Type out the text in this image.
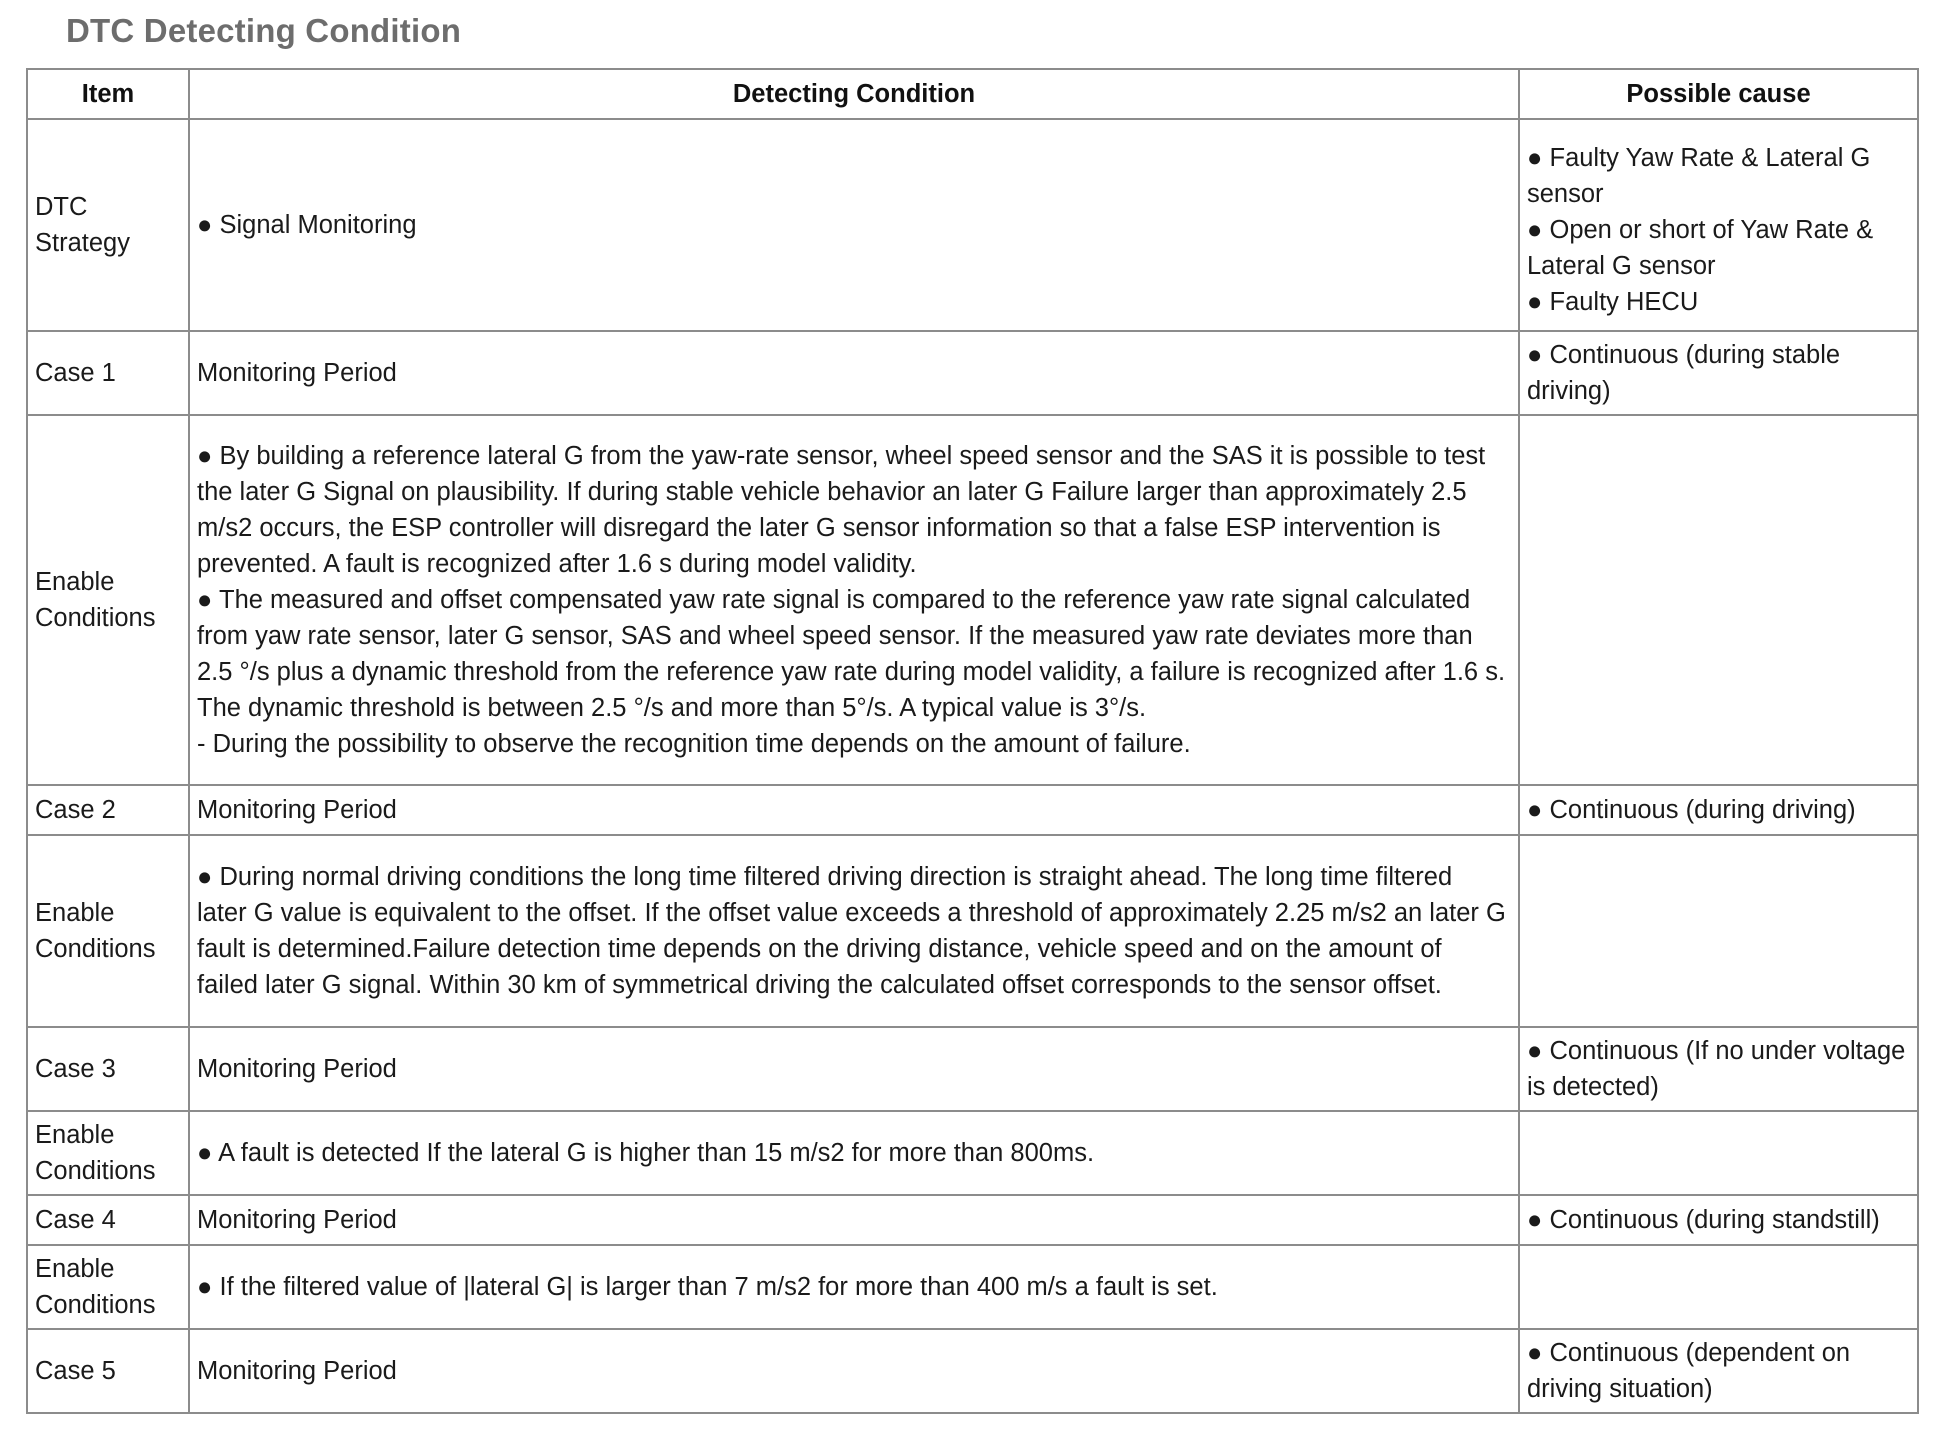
DTC Detecting Condition
Item	Detecting Condition	Possible cause
DTC Strategy	● Signal Monitoring	● Faulty Yaw Rate & Lateral G sensor
● Open or short of Yaw Rate & Lateral G sensor
● Faulty HECU

Case 1	Monitoring Period	● Continuous (during stable driving)

Enable Conditions	● By building a reference lateral G from the yaw-rate sensor, wheel speed sensor and the SAS it is possible to test the later G Signal on plausibility. If during stable vehicle behavior an later G Failure larger than approximately 2.5 m/s2 occurs, the ESP controller will disregard the later G sensor information so that a false ESP intervention is prevented. A fault is recognized after 1.6 s during model validity.
● The measured and offset compensated yaw rate signal is compared to the reference yaw rate signal calculated from yaw rate sensor, later G sensor, SAS and wheel speed sensor. If the measured yaw rate deviates more than 2.5 °/s plus a dynamic threshold from the reference yaw rate during model validity, a failure is recognized after 1.6 s. The dynamic threshold is between 2.5 °/s and more than 5°/s. A typical value is 3°/s.
- During the possibility to observe the recognition time depends on the amount of failure.	

Case 2	Monitoring Period	● Continuous (during driving)

Enable Conditions	● During normal driving conditions the long time filtered driving direction is straight ahead. The long time filtered later G value is equivalent to the offset. If the offset value exceeds a threshold of approximately 2.25 m/s2 an later G fault is determined.Failure detection time depends on the driving distance, vehicle speed and on the amount of failed later G signal. Within 30 km of symmetrical driving the calculated offset corresponds to the sensor offset.	

Case 3	Monitoring Period	● Continuous (If no under voltage is detected)

Enable Conditions	● A fault is detected If the lateral G is higher than 15 m/s2 for more than 800ms.	

Case 4	Monitoring Period	● Continuous (during standstill)

Enable Conditions	● If the filtered value of |lateral G| is larger than 7 m/s2 for more than 400 m/s a fault is set.	

Case 5	Monitoring Period	● Continuous (dependent on driving situation)
